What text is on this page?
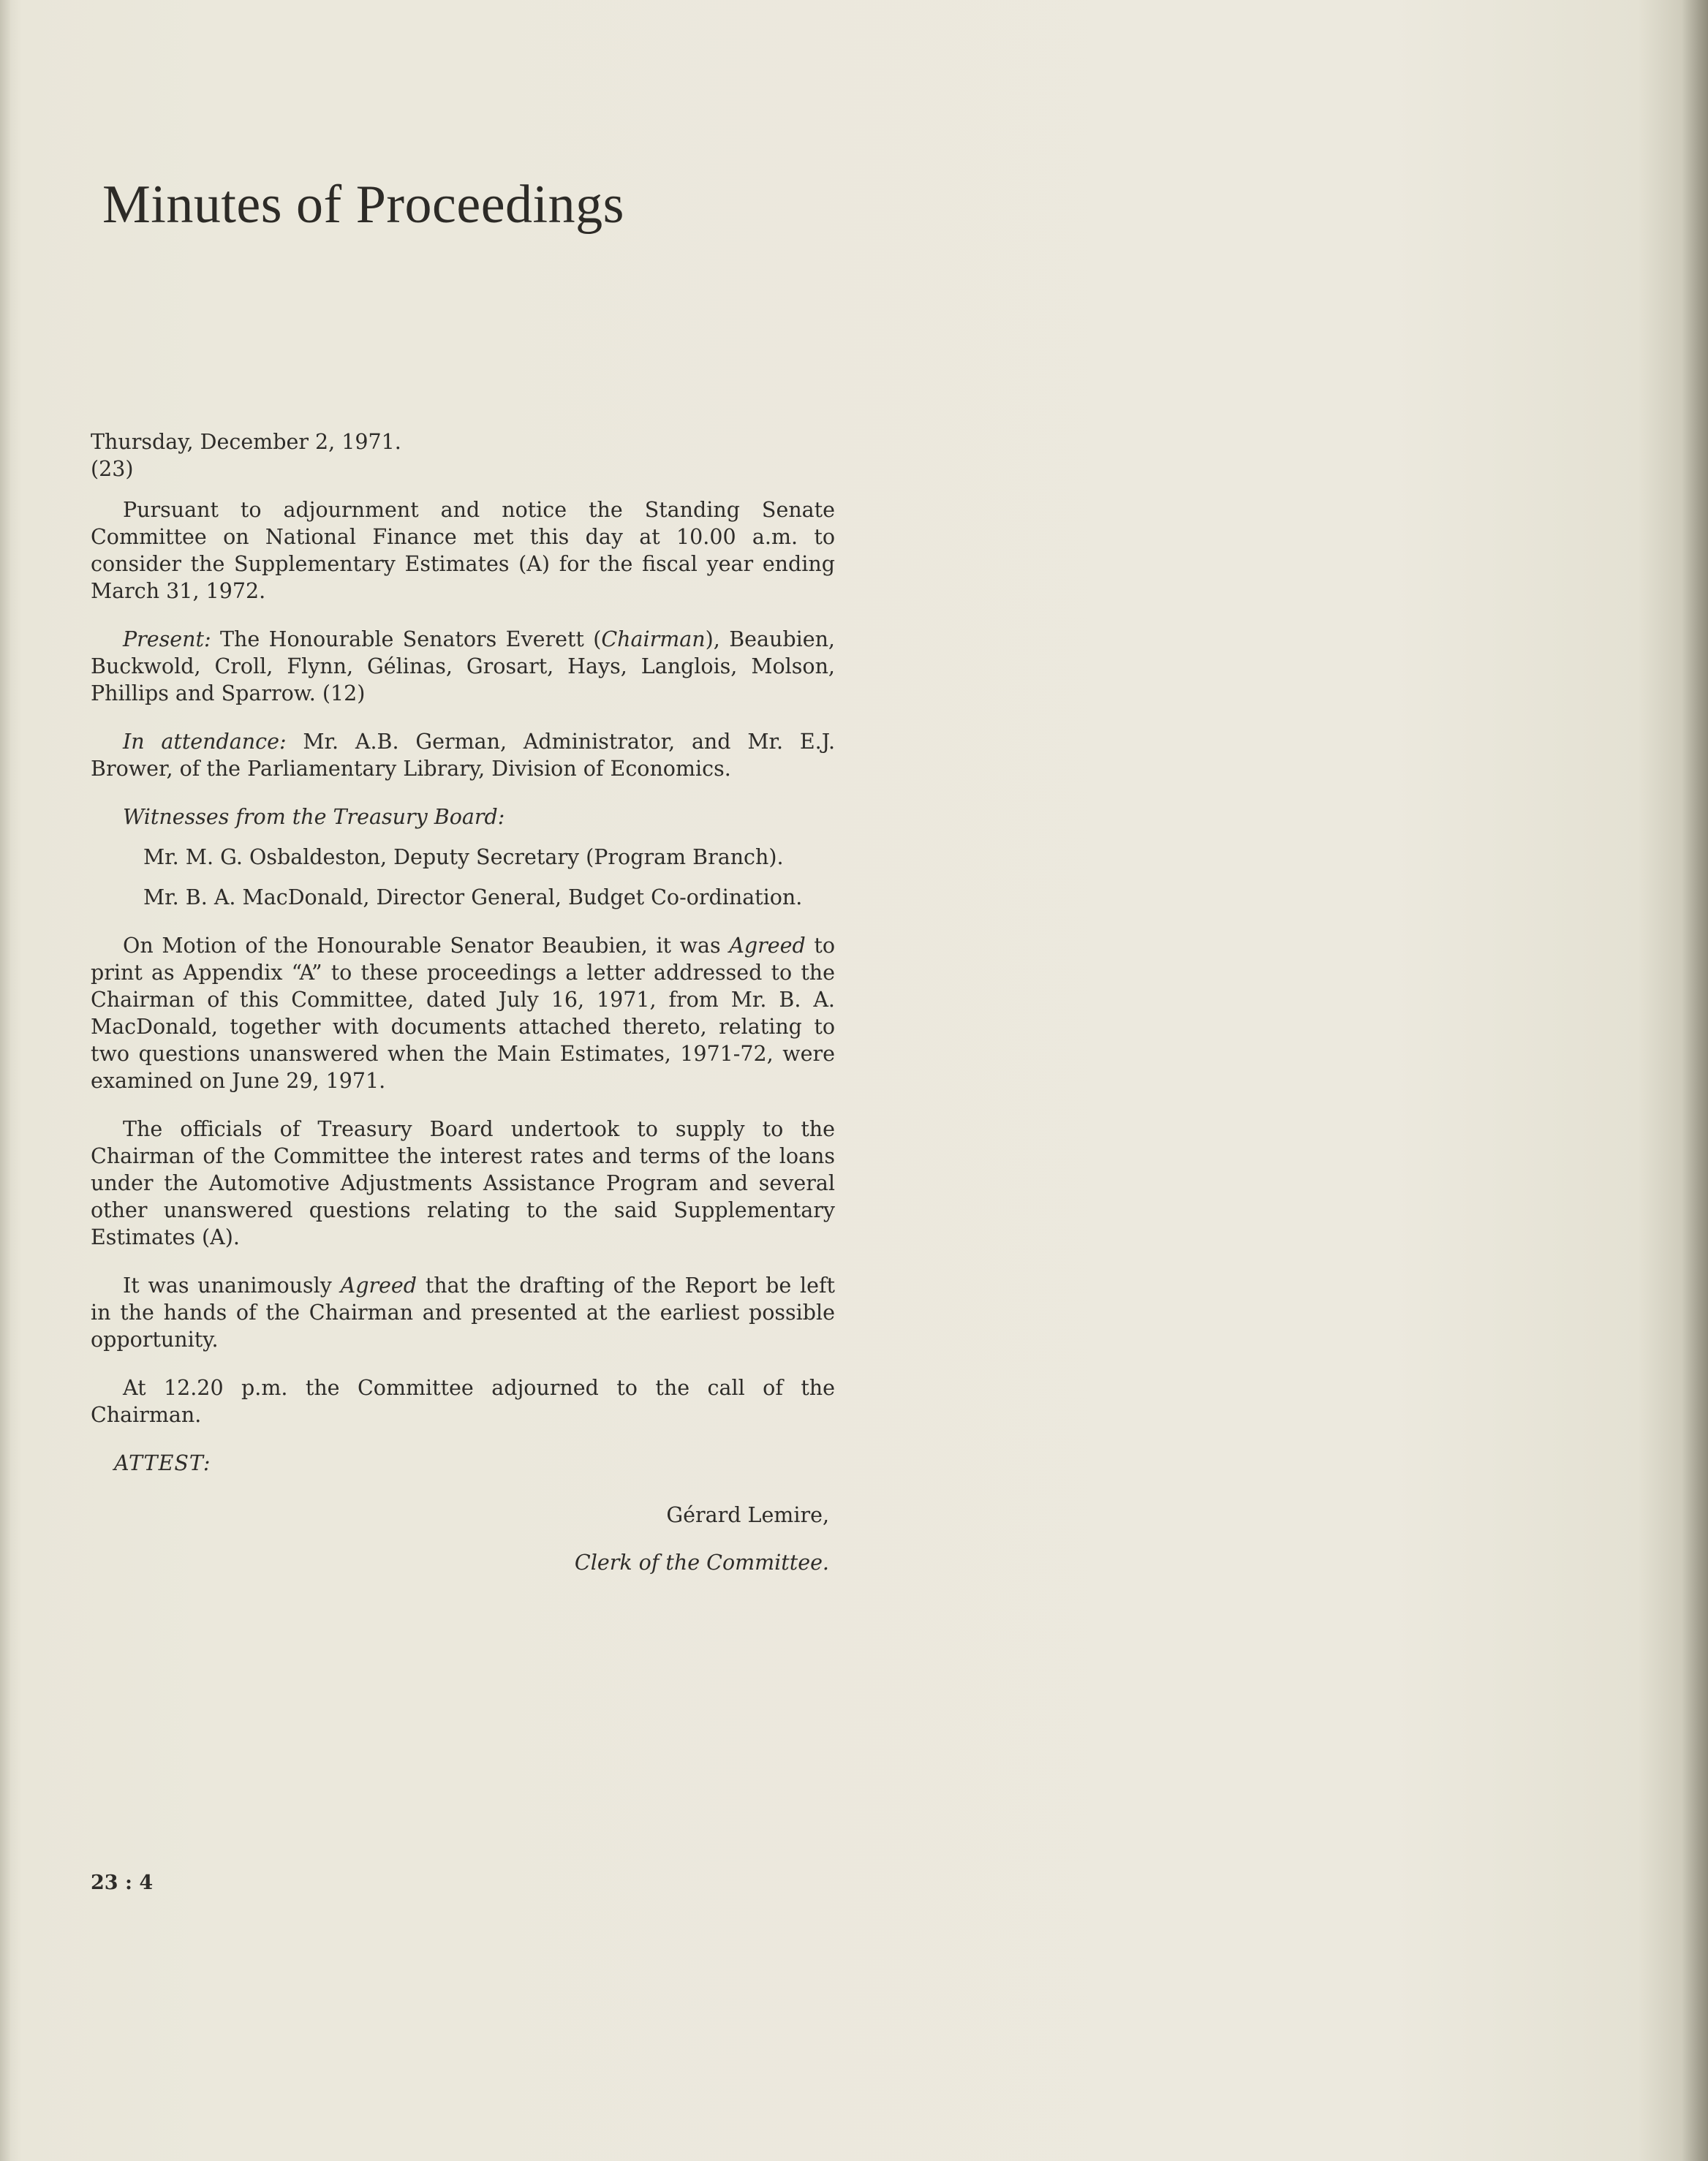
Minutes of Proceedings

Thursday, December 2, 1971.

(23)

Pursuant to adjournment and notice the Standing Senate Committee on National Finance met this day at 10.00 a.m. to consider the Supplementary Estimates (A) for the fiscal year ending March 31, 1972.

Present: The Honourable Senators Everett (Chairman), Beaubien, Buckwold, Croll, Flynn, Gélinas, Grosart, Hays, Langlois, Molson, Phillips and Sparrow. (12)

In attendance: Mr. A.B. German, Administrator, and Mr. E.J. Brower, of the Parliamentary Library, Division of Economics.

Witnesses from the Treasury Board:

Mr. M. G. Osbaldeston, Deputy Secretary (Program Branch).

Mr. B. A. MacDonald, Director General, Budget Co-ordination.

On Motion of the Honourable Senator Beaubien, it was Agreed to print as Appendix “A” to these proceedings a letter addressed to the Chairman of this Committee, dated July 16, 1971, from Mr. B. A. MacDonald, together with documents attached thereto, relating to two questions unanswered when the Main Estimates, 1971-72, were examined on June 29, 1971.

The officials of Treasury Board undertook to supply to the Chairman of the Committee the interest rates and terms of the loans under the Automotive Adjustments Assistance Program and several other unanswered questions relating to the said Supplementary Estimates (A).

It was unanimously Agreed that the drafting of the Report be left in the hands of the Chairman and presented at the earliest possible opportunity.

At 12.20 p.m. the Committee adjourned to the call of the Chairman.

ATTEST:

Gérard Lemire,

Clerk of the Committee.

23 : 4
